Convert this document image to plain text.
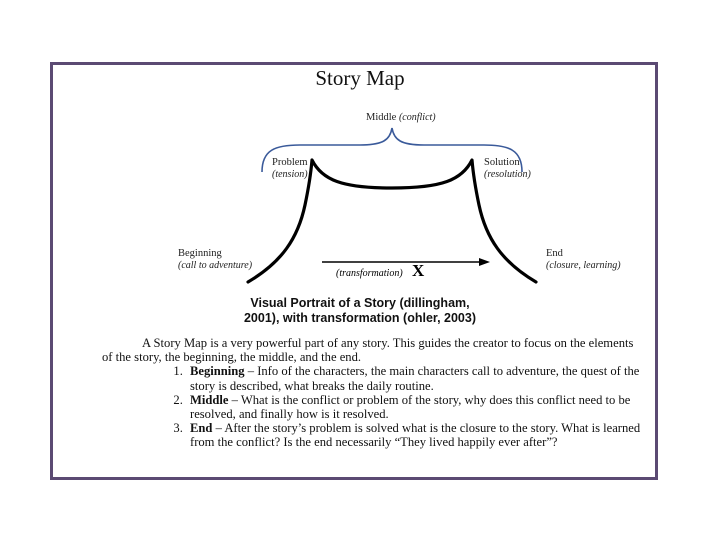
Story Map
Middle (conflict)
Problem
(tension)
Solution
(resolution)
Beginning
(call to adventure)
End
(closure, learning)
(transformation) X
Visual Portrait of a Story (dillingham,
2001), with transformation (ohler, 2003)

A Story Map is a very powerful part of any story. This guides the creator to focus on the elements of the story, the beginning, the middle, and the end.

1. Beginning – Info of the characters, the main characters call to adventure, the quest of the story is described, what breaks the daily routine.
2. Middle – What is the conflict or problem of the story, why does this conflict need to be resolved, and finally how is it resolved.
3. End – After the story’s problem is solved what is the closure to the story. What is learned from the conflict? Is the end necessarily “They lived happily ever after”?
